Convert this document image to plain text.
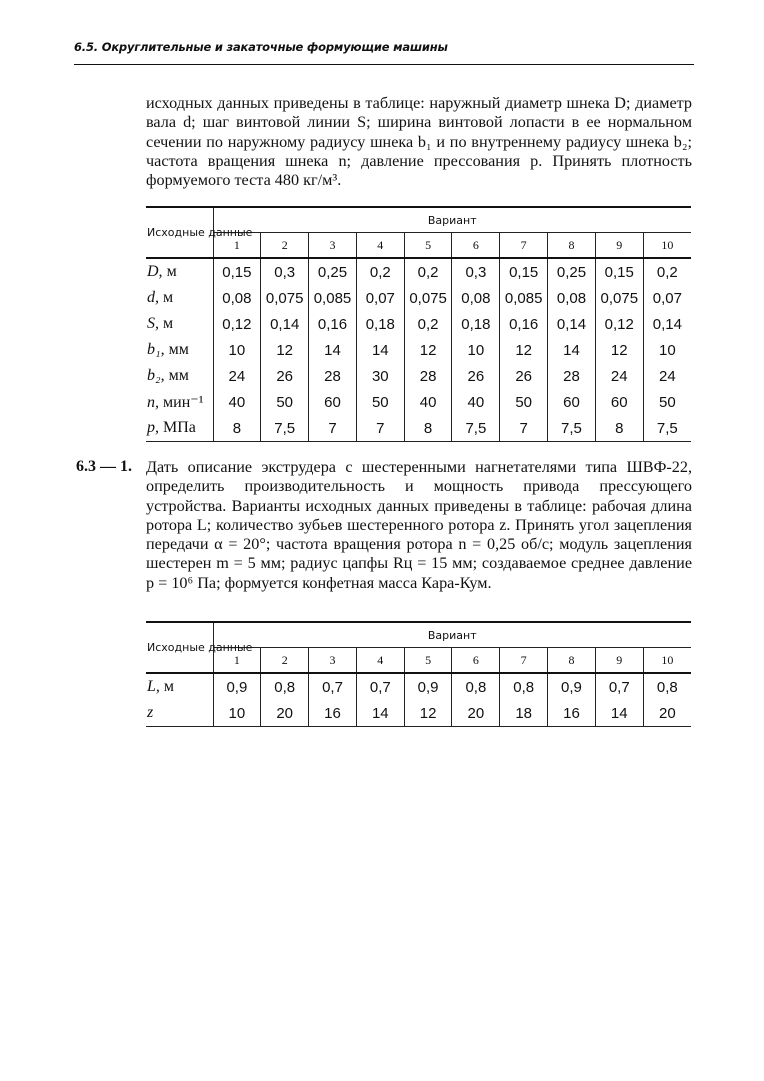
6.5. Округлительные и закаточные формующие машины
исходных данных приведены в таблице: наружный диаметр шнека D; диаметр вала d; шаг винтовой линии S; ширина винтовой лопасти в ее нормальном сечении по наружному радиусу шнека b₁ и по внутреннему радиусу шнека b₂; частота вращения шнека n; давление прессования p. Принять плотность формуемого теста 480 кг/м³.
Исходные данные	Вариант									
	1	2	3	4	5	6	7	8	9	10
D, м	0,15	0,3	0,25	0,2	0,2	0,3	0,15	0,25	0,15	0,2
d, м	0,08	0,075	0,085	0,07	0,075	0,08	0,085	0,08	0,075	0,07
S, м	0,12	0,14	0,16	0,18	0,2	0,18	0,16	0,14	0,12	0,14
b₁, мм	10	12	14	14	12	10	12	14	12	10
b₂, мм	24	26	28	30	28	26	26	28	24	24
n, мин⁻¹	40	50	60	50	40	40	50	60	60	50
p, МПа	8	7,5	7	7	8	7,5	7	7,5	8	7,5
6.3 — 1. Дать описание экструдера с шестеренными нагнетателями типа ШВФ-22, определить производительность и мощность привода прессующего устройства. Варианты исходных данных приведены в таблице: рабочая длина ротора L; количество зубьев шестеренного ротора z. Принять угол зацепления передачи α = 20°; частота вращения ротора n = 0,25 об/с; модуль зацепления шестерен m = 5 мм; радиус цапфы Rц = 15 мм; создаваемое среднее давление p = 10⁶ Па; формуется конфетная масса Кара-Кум.
Исходные данные	Вариант									
	1	2	3	4	5	6	7	8	9	10
L, м	0,9	0,8	0,7	0,7	0,9	0,8	0,8	0,9	0,7	0,8
z	10	20	16	14	12	20	18	16	14	20
